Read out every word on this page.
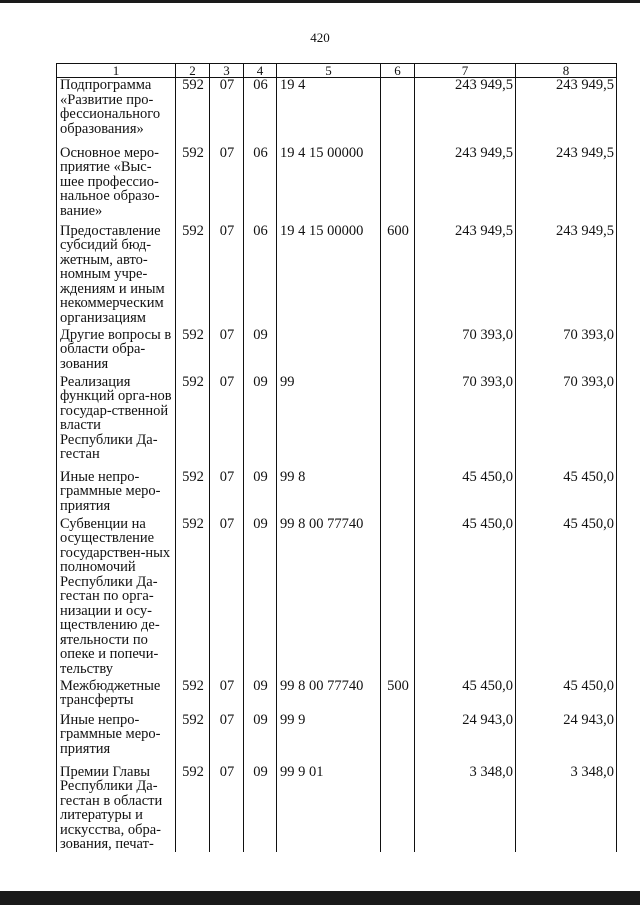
420
1	2	3	4	5	6	7	8
Подпрограмма «Развитие про-фессионального образования»	592	07	06	19 4		243 949,5	243 949,5
Основное меро-приятие «Выс-шее профессио-нальное образо-вание»	592	07	06	19 4 15 00000		243 949,5	243 949,5
Предоставление субсидий бюд-жетным, авто-номным учре-ждениям и иным некоммерческим организациям	592	07	06	19 4 15 00000	600	243 949,5	243 949,5
Другие вопросы в области обра-зования	592	07	09			70 393,0	70 393,0
Реализация функций орга-нов государ-ственной власти Республики Да-гестан	592	07	09	99		70 393,0	70 393,0
Иные непро-граммные меро-приятия	592	07	09	99 8		45 450,0	45 450,0
Субвенции на осуществление государствен-ных полномочий Республики Да-гестан по орга-низации и осу-ществлению де-ятельности по опеке и попечи-тельству	592	07	09	99 8 00 77740		45 450,0	45 450,0
Межбюджетные трансферты	592	07	09	99 8 00 77740	500	45 450,0	45 450,0
Иные непро-граммные меро-приятия	592	07	09	99 9		24 943,0	24 943,0
Премии Главы Республики Да-гестан в области литературы и искусства, обра-зования, печат-	592	07	09	99 9 01		3 348,0	3 348,0
